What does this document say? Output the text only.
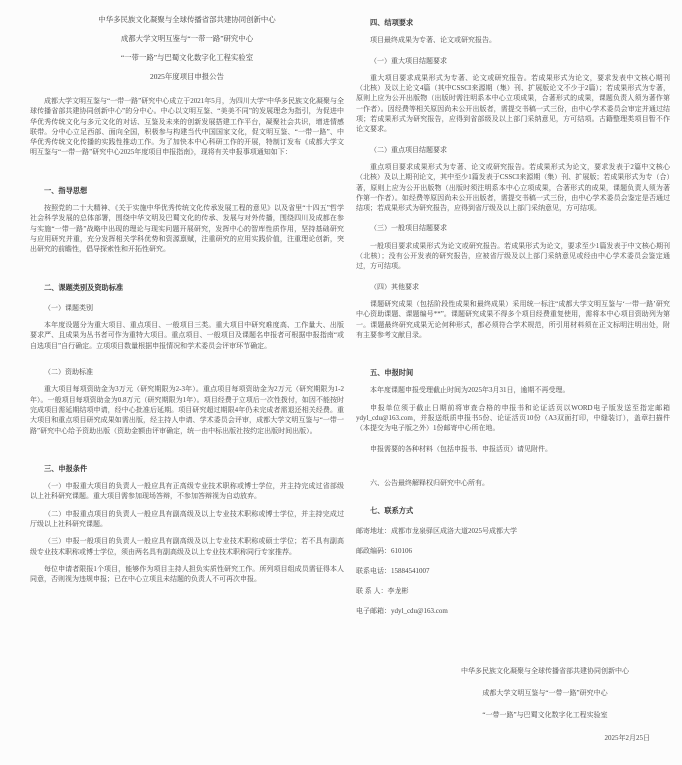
中华多民族文化凝聚与全球传播省部共建协同创新中心
成都大学文明互鉴与“一带一路”研究中心
“一带一路”与巴蜀文化数字化工程实验室
2025年度项目申报公告

成都大学文明互鉴与“一带一路”研究中心成立于2021年5月，为四川大学“中华多民族文化凝聚与全球传播省部共建协同创新中心”的分中心。中心以文明互鉴、“美美不同”的发展理念为指引，为促进中华优秀传统文化与多元文化的对话、互鉴及未来的创新发展搭建工作平台，凝聚社会共识，增进情感联带。分中心立足西部、面向全国，积极参与构建当代中国国家文化，促文明互鉴、“一带一路”、中华优秀传统文化传播的实践性推动工作。为了加快本中心科研工作的开展，特制订发布《成都大学文明互鉴与“一带一路”研究中心2025年度项目申报指南》，现将有关申报事项通知如下：

一、指导思想

按照党的二十大精神、《关于实施中华优秀传统文化传承发展工程的意见》以及省里“十四五”哲学社会科学发展的总体部署，围绕中华文明及巴蜀文化的传承、发展与对外传播，围绕四川及成都在参与实施“一带一路”战略中出现的理论与现实问题开展研究，发挥中心的智库性质作用，坚持基础研究与应用研究并重，充分发挥相关学科优势和资源禀赋，注重研究的应用实践价值，注重理论创新，突出研究的前瞻性，倡导探索性和开拓性研究。

二、课题类别及资助标准

（一）课题类别

本年度设题分为重大项目、重点项目、一般项目三类。重大项目中研究难度高、工作量大、出版要求严、且成果为丛书者可作为重特大项目。重点项目、一般项目及课题名申报者可根据申报指南“或自选项目”自行确定。立项项目数量根据申报情况和学术委员会评审环节确定。

（二）资助标准

重大项目每项资助金为3万元（研究期限为2-3年）。重点项目每项资助金为2万元（研究期限为1-2年）。一般项目每项资助金为0.8万元（研究期限为1年）。项目经费于立项后一次性拨付，如因不能按时完成项目需延期结项申请，经中心批准后延期。项目研究超过期限4年仍未完成者需退还相关经费。重大项目和重点项目研究成果如需出版，经主持人申请、学术委员会评审，成都大学文明互鉴与“一带一路”研究中心给予资助出版（资助金额由评审确定，统一由中标出版社按约定出版时间出版）。

三、申报条件

（一）申报重大项目的负责人一般应具有正高级专业技术职称或博士学位，并主持完成过省部级以上社科研究课题。重大项目需参加现场答辩，不参加答辩视为自动放弃。

（二）申报重点项目的负责人一般应具有副高级及以上专业技术职称或博士学位，并主持完成过厅级以上社科研究课题。

（三）申报一般项目的负责人一般应具有副高级及以上专业技术职称或硕士学位；若不具有副高级专业技术职称或博士学位，须由两名具有副高级及以上专业技术职称同行专家推荐。

每位申请者限报1个项目，能够作为项目主持人担负实质性研究工作。所列项目组成员需征得本人同意，否则视为违规申报；已在中心立项且未结题的负责人不可再次申报。

四、结项要求

项目最终成果为专著、论文或研究报告。

（一）重大项目结题要求

重大项目要求成果形式为专著、论文或研究报告。若成果形式为论文，要求发表中文核心期刊（北核）及以上论文4篇（其中CSSCI来源期（集）刊、扩展版论文不少于2篇）；若成果形式为专著，原则上应为公开出版物（出版时需注明系本中心立项成果，合著形式的成果，课题负责人须为著作第一作者）。因经费等相关原因尚未公开出版者，需提交书稿一式三份，由中心学术委员会审定并通过结项；若成果形式为研究报告，应得到省部级及以上部门采纳意见，方可结项。古籍整理类项目暂不作论文要求。

（二）重点项目结题要求

重点项目要求成果形式为专著、论文或研究报告。若成果形式为论文，要求发表于2篇中文核心（北核）及以上期刊论文，其中至少1篇发表于CSSCI来源期（集）刊、扩展版；若成果形式为专（合）著，原则上应为公开出版物（出版时须注明系本中心立项成果，合著形式的成果，课题负责人须为著作第一作者）。如经费等原因尚未公开出版者，需提交书稿一式三份，由中心学术委员会鉴定是否通过结项；若成果形式为研究报告，应得到省厅级及以上部门采纳意见，方可结项。

（三）一般项目结题要求

一般项目要求成果形式为论文或研究报告。若成果形式为论文，要求至少1篇发表于中文核心期刊（北核）；没有公开发表的研究报告，应被省厅级及以上部门采纳意见或经由中心学术委员会鉴定通过，方可结项。

（四）其他要求

课题研究成果（包括阶段性成果和最终成果）采用统一标注“成都大学文明互鉴与‘一带一路’研究中心资助课题、课题编号**”。课题研究成果不得多个项目经费重复使用，需将本中心项目资助列为第一。课题最终研究成果无论何种形式，都必须符合学术规范，所引用材料须在正文标明注明出处，附有主要参考文献目录。

五、申报时间

本年度课题申报受理截止时间为2025年3月31日，逾期不再受理。

申报单位须于截止日期前将审查合格的申报书和论证活页以WORD电子版发送至指定邮箱ydyl_cdu@163.com，并报送纸质申报书5份、论证活页10份（A3双面打印，中缝装订），盖章扫描件（本提交为电子版之外）1份邮寄中心所在地。

申报需要的各种材料（包括申报书、申报活页）请见附件。

六、公告最终解释权归研究中心所有。

七、联系方式

邮寄地址：成都市龙泉驿区成洛大道2025号成都大学

邮政编码：610106

联系电话：15884541007

联 系 人：李龙彬

电子邮箱：ydyl_cdu@163.com

中华多民族文化凝聚与全球传播省部共建协同创新中心
成都大学文明互鉴与“一带一路”研究中心
“一带一路”与巴蜀文化数字化工程实验室
2025年2月25日
